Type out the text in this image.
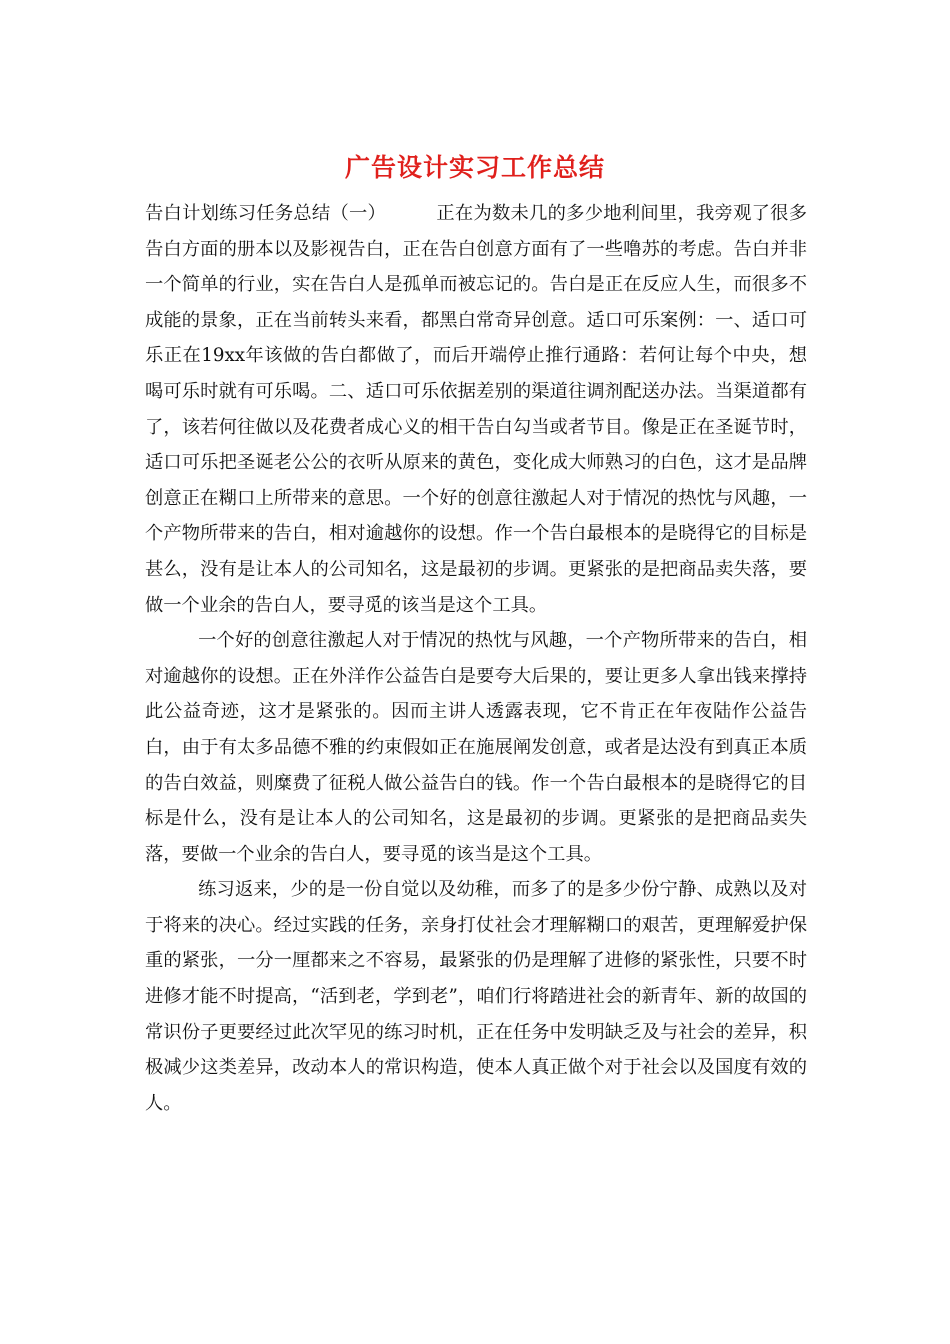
广告设计实习工作总结

告白计划练习任务总结（一）	正在为数未几的多少地利间里，我旁观了很多告白方面的册本以及影视告白，正在告白创意方面有了一些噜苏的考虑。告白并非一个简单的行业，实在告白人是孤单而被忘记的。告白是正在反应人生，而很多不成能的景象，正在当前转头来看，都黑白常奇异创意。适口可乐案例：一、适口可乐正在19xx年该做的告白都做了，而后开端停止推行通路：若何让每个中央，想喝可乐时就有可乐喝。二、适口可乐依据差别的渠道往调剂配送办法。当渠道都有了，该若何往做以及花费者成心义的相干告白勾当或者节目。像是正在圣诞节时，适口可乐把圣诞老公公的衣听从原来的黄色，变化成大师熟习的白色，这才是品牌创意正在糊口上所带来的意思。一个好的创意往激起人对于情况的热忱与风趣，一个产物所带来的告白，相对逾越你的设想。作一个告白最根本的是晓得它的目标是甚么，没有是让本人的公司知名，这是最初的步调。更紧张的是把商品卖失落，要做一个业余的告白人，要寻觅的该当是这个工具。

一个好的创意往激起人对于情况的热忱与风趣，一个产物所带来的告白，相对逾越你的设想。正在外洋作公益告白是要夸大后果的，要让更多人拿出钱来撑持此公益奇迹，这才是紧张的。因而主讲人透露表现，它不肯正在年夜陆作公益告白，由于有太多品德不雅的约束假如正在施展阐发创意，或者是达没有到真正本质的告白效益，则糜费了征税人做公益告白的钱。作一个告白最根本的是晓得它的目标是什么，没有是让本人的公司知名，这是最初的步调。更紧张的是把商品卖失落，要做一个业余的告白人，要寻觅的该当是这个工具。

练习返来，少的是一份自觉以及幼稚，而多了的是多少份宁静、成熟以及对于将来的决心。经过实践的任务，亲身打仗社会才理解糊口的艰苦，更理解爱护保重的紧张，一分一厘都来之不容易，最紧张的仍是理解了进修的紧张性，只要不时进修才能不时提高，“活到老，学到老”，咱们行将踏进社会的新青年、新的故国的常识份子更要经过此次罕见的练习时机，正在任务中发明缺乏及与社会的差异，积极减少这类差异，改动本人的常识构造，使本人真正做个对于社会以及国度有效的人。
